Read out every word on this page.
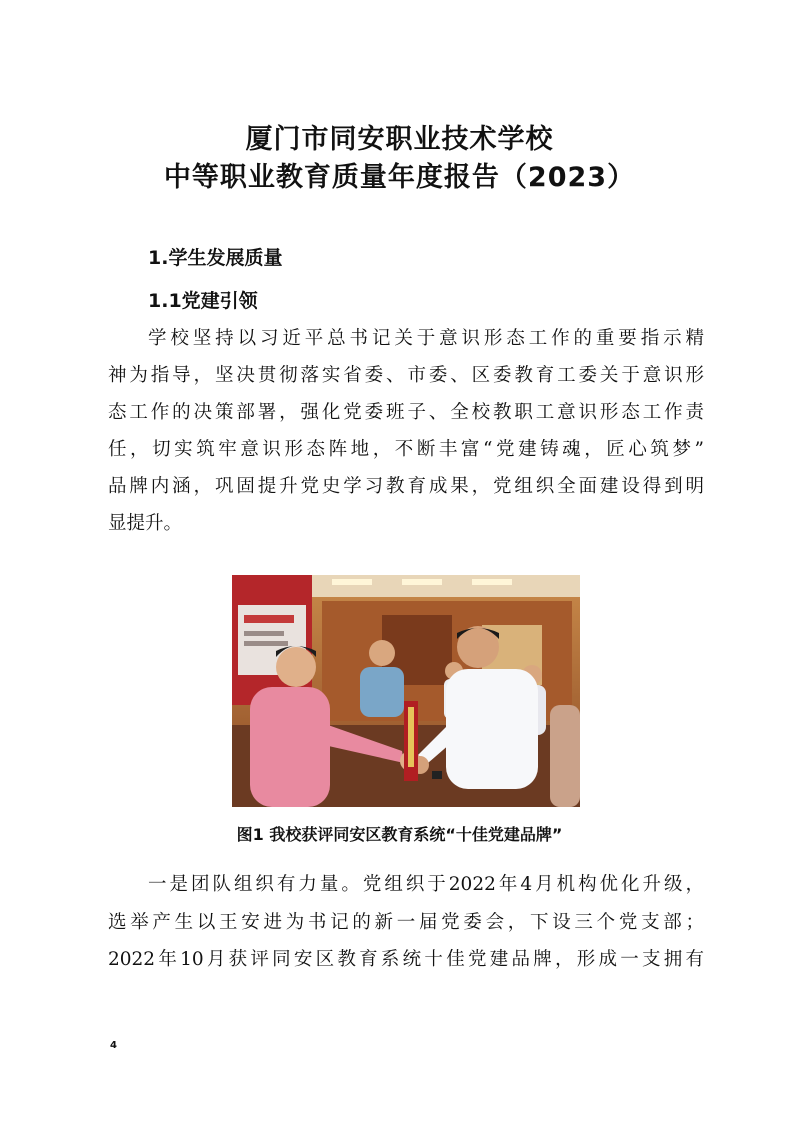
厦门市同安职业技术学校
中等职业教育质量年度报告（2023）
1.学生发展质量
1.1党建引领
学校坚持以习近平总书记关于意识形态工作的重要指示精
神为指导，坚决贯彻落实省委、市委、区委教育工委关于意识形
态工作的决策部署，强化党委班子、全校教职工意识形态工作责
任，切实筑牢意识形态阵地，不断丰富“党建铸魂，匠心筑梦”
品牌内涵，巩固提升党史学习教育成果，党组织全面建设得到明
显提升。
图1 我校获评同安区教育系统“十佳党建品牌”
一是团队组织有力量。党组织于2022年4月机构优化升级，
选举产生以王安进为书记的新一届党委会，下设三个党支部；
2022年10月获评同安区教育系统十佳党建品牌，形成一支拥有
4
